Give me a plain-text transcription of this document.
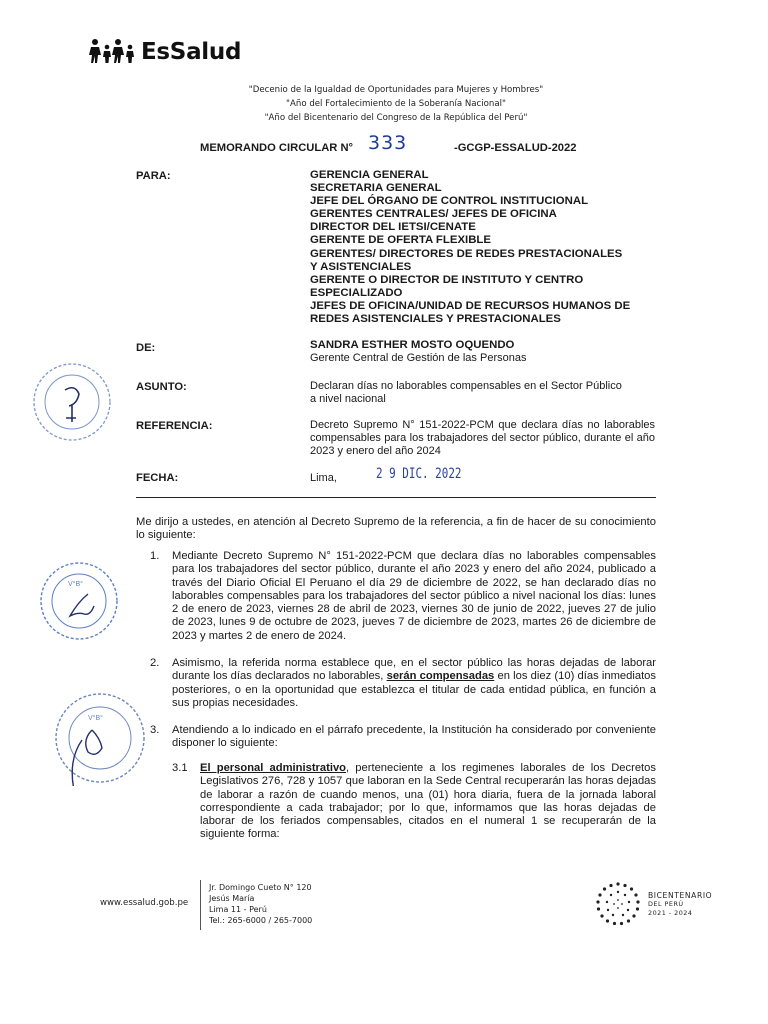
EsSalud
"Decenio de la Igualdad de Oportunidades para Mujeres y Hombres"
"Año del Fortalecimiento de la Soberanía Nacional"
"Año del Bicentenario del Congreso de la República del Perú"
MEMORANDO CIRCULAR N° 333	-GCGP-ESSALUD-2022
PARA:	GERENCIA GENERAL
SECRETARIA GENERAL
JEFE DEL ÓRGANO DE CONTROL INSTITUCIONAL
GERENTES CENTRALES/ JEFES DE OFICINA
DIRECTOR DEL IETSI/CENATE
GERENTE DE OFERTA FLEXIBLE
GERENTES/ DIRECTORES DE REDES PRESTACIONALES
Y ASISTENCIALES
GERENTE O DIRECTOR DE INSTITUTO Y CENTRO
ESPECIALIZADO
JEFES DE OFICINA/UNIDAD DE RECURSOS HUMANOS DE
REDES ASISTENCIALES Y PRESTACIONALES
DE:	SANDRA ESTHER MOSTO OQUENDO
Gerente Central de Gestión de las Personas
ASUNTO:	Declaran días no laborables compensables en el Sector Público
a nivel nacional
REFERENCIA:	Decreto Supremo N° 151-2022-PCM que declara días no laborables compensables para los trabajadores del sector público, durante el año 2023 y enero del año 2024
FECHA:	Lima,	2 9 DIC. 2022
Me dirijo a ustedes, en atención al Decreto Supremo de la referencia, a fin de hacer de su conocimiento lo siguiente:
1. Mediante Decreto Supremo N° 151-2022-PCM que declara días no laborables compensables para los trabajadores del sector público, durante el año 2023 y enero del año 2024, publicado a través del Diario Oficial El Peruano el día 29 de diciembre de 2022, se han declarado días no laborables compensables para los trabajadores del sector público a nivel nacional los días: lunes 2 de enero de 2023, viernes 28 de abril de 2023, viernes 30 de junio de 2022, jueves 27 de julio de 2023, lunes 9 de octubre de 2023, jueves 7 de diciembre de 2023, martes 26 de diciembre de 2023 y martes 2 de enero de 2024.
2. Asimismo, la referida norma establece que, en el sector público las horas dejadas de laborar durante los días declarados no laborables, serán compensadas en los diez (10) días inmediatos posteriores, o en la oportunidad que establezca el titular de cada entidad pública, en función a sus propias necesidades.
3. Atendiendo a lo indicado en el párrafo precedente, la Institución ha considerado por conveniente disponer lo siguiente:
3.1 El personal administrativo, perteneciente a los regimenes laborales de los Decretos Legislativos 276, 728 y 1057 que laboran en la Sede Central recuperarán las horas dejadas de laborar a razón de cuando menos, una (01) hora diaria, fuera de la jornada laboral correspondiente a cada trabajador; por lo que, informamos que las horas dejadas de laborar de los feriados compensables, citados en el numeral 1 se recuperarán de la siguiente forma:
V°B°
V°B°
www.essalud.gob.pe
Jr. Domingo Cueto N° 120
Jesús María
Lima 11 - Perú
Tel.: 265-6000 / 265-7000
BICENTENARIO
DEL PERÚ
2021 - 2024
